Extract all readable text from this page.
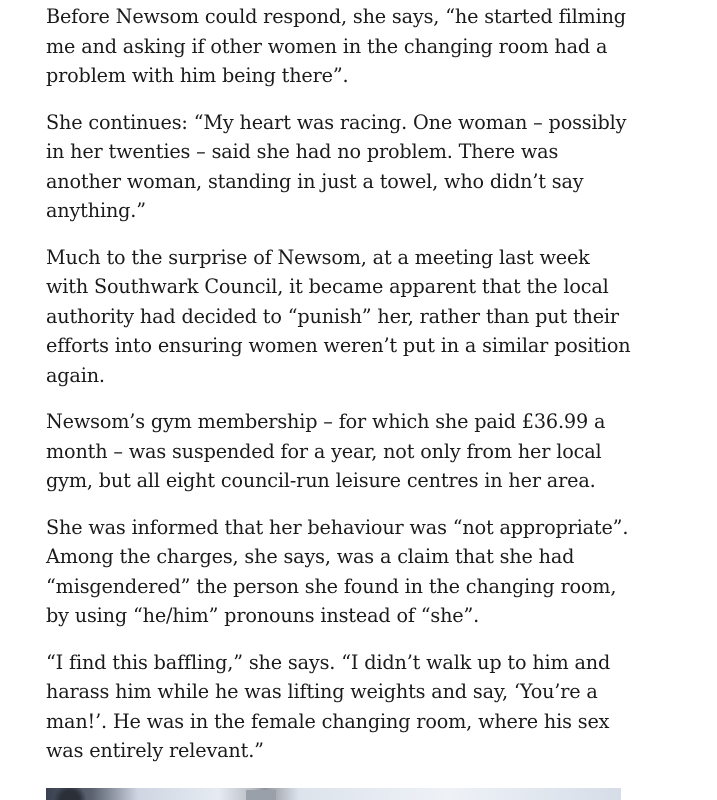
Before Newsom could respond, she says, “he started filming me and asking if other women in the changing room had a problem with him being there”.

She continues: “My heart was racing. One woman – possibly in her twenties – said she had no problem. There was another woman, standing in just a towel, who didn’t say anything.”

Much to the surprise of Newsom, at a meeting last week with Southwark Council, it became apparent that the local authority had decided to “punish” her, rather than put their efforts into ensuring women weren’t put in a similar position again.

Newsom’s gym membership – for which she paid £36.99 a month – was suspended for a year, not only from her local gym, but all eight council-run leisure centres in her area.

She was informed that her behaviour was “not appropriate”. Among the charges, she says, was a claim that she had “misgendered” the person she found in the changing room, by using “he/him” pronouns instead of “she”.

“I find this baffling,” she says. “I didn’t walk up to him and harass him while he was lifting weights and say, ‘You’re a man!’. He was in the female changing room, where his sex was entirely relevant.”
